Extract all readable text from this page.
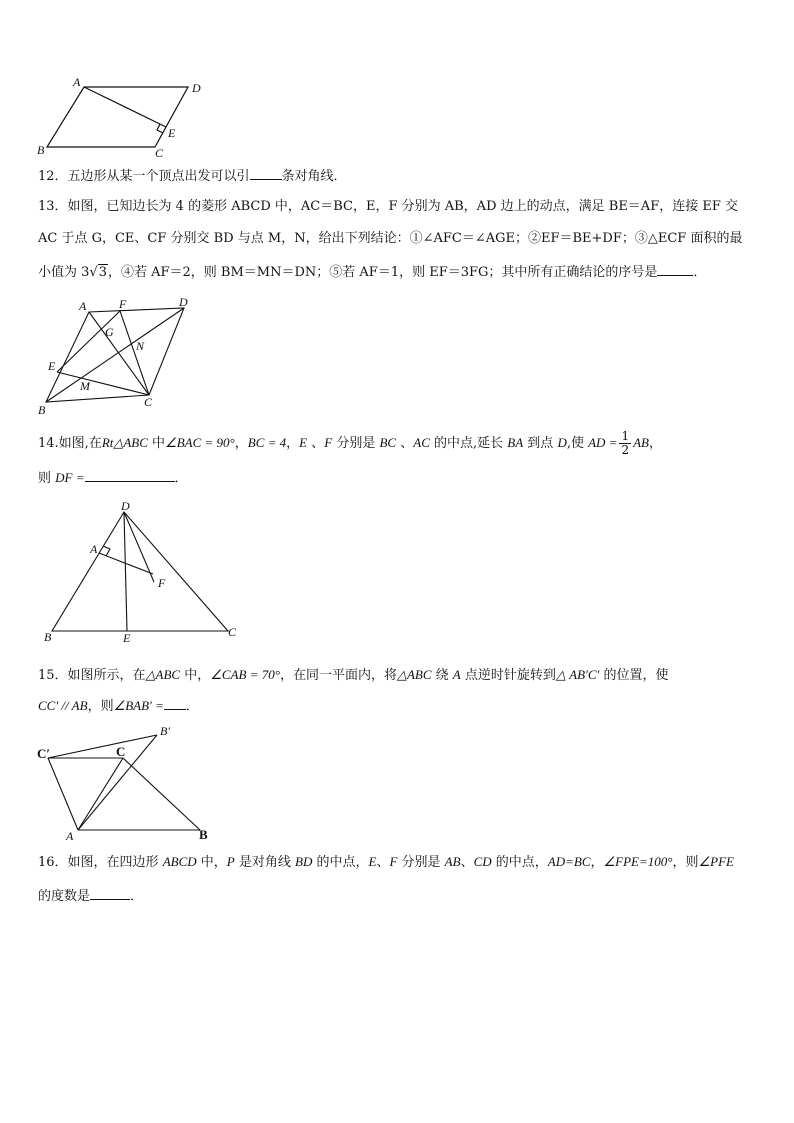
A	D
B	C
E
12．五边形从某一个顶点出发可以引 条对角线．
13．如图，已知边长为 4 的菱形 ABCD 中，AC＝BC，E，F 分别为 AB，AD 边上的动点，满足 BE＝AF，连接 EF 交
AC 于点 G，CE、CF 分别交 BD 与点 M，N，给出下列结论：①∠AFC＝∠AGE；②EF＝BE+DF；③△ECF 面积的最
小值为 3√3，④若 AF＝2，则 BM＝MN＝DN；⑤若 AF＝1，则 EF＝3FG；其中所有正确结论的序号是	．
A	F	D
G
N
E
M
B
C
14.如图,在Rt△ABC 中∠BAC = 90°，BC = 4，E 、F 分别是 BC 、AC 的中点,延长 BA 到点 D,使 AD = $\frac{1}{2}$ AB，
则 DF =	．
D
A
F
B	E	C
15．如图所示，在△ABC 中，∠CAB = 70°，在同一平面内，将△ABC 绕 A 点逆时针旋转到△ AB′C′ 的位置，使
CC′ // AB，则∠BAB′ = ．
C′	C
B′
A	B
16．如图，在四边形 ABCD 中，P 是对角线 BD 的中点，E、F 分别是 AB、CD 的中点，AD=BC，∠FPE=100°，则∠PFE
的度数是	．
